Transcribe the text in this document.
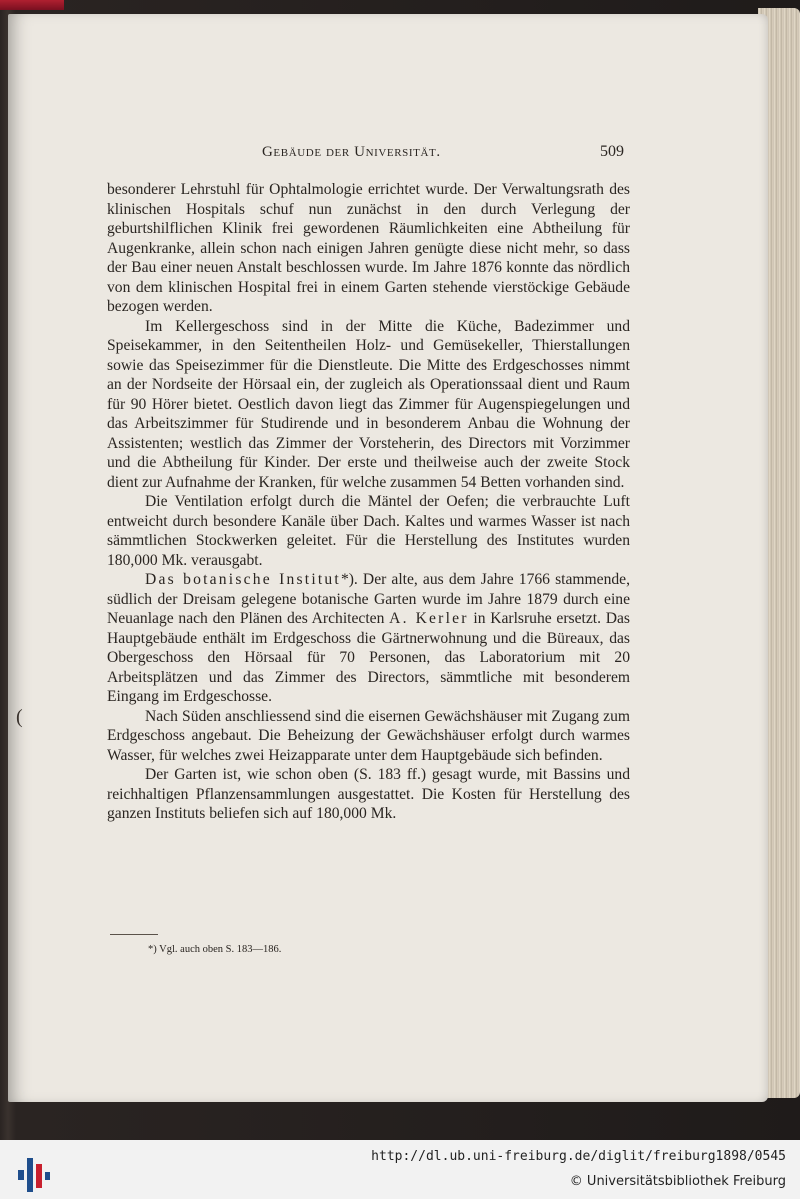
Gebäude der Universität.	509

besonderer Lehrstuhl für Ophtalmologie errichtet wurde. Der Verwaltungsrath des klinischen Hospitals schuf nun zunächst in den durch Verlegung der geburtshilflichen Klinik frei gewordenen Räumlichkeiten eine Abtheilung für Augenkranke, allein schon nach einigen Jahren genügte diese nicht mehr, so dass der Bau einer neuen Anstalt beschlossen wurde. Im Jahre 1876 konnte das nördlich von dem klinischen Hospital frei in einem Garten stehende vierstöckige Gebäude bezogen werden.

Im Kellergeschoss sind in der Mitte die Küche, Badezimmer und Speisekammer, in den Seitentheilen Holz- und Gemüsekeller, Thierstallungen sowie das Speisezimmer für die Dienstleute. Die Mitte des Erdgeschosses nimmt an der Nordseite der Hörsaal ein, der zugleich als Operationssaal dient und Raum für 90 Hörer bietet. Oestlich davon liegt das Zimmer für Augenspiegelungen und das Arbeitszimmer für Studirende und in besonderem Anbau die Wohnung der Assistenten; westlich das Zimmer der Vorsteherin, des Directors mit Vorzimmer und die Abtheilung für Kinder. Der erste und theilweise auch der zweite Stock dient zur Aufnahme der Kranken, für welche zusammen 54 Betten vorhanden sind.

Die Ventilation erfolgt durch die Mäntel der Oefen; die verbrauchte Luft entweicht durch besondere Kanäle über Dach. Kaltes und warmes Wasser ist nach sämmtlichen Stockwerken geleitet. Für die Herstellung des Institutes wurden 180,000 Mk. verausgabt.

Das botanische Institut*). Der alte, aus dem Jahre 1766 stammende, südlich der Dreisam gelegene botanische Garten wurde im Jahre 1879 durch eine Neuanlage nach den Plänen des Architecten A. Kerler in Karlsruhe ersetzt. Das Hauptgebäude enthält im Erdgeschoss die Gärtnerwohnung und die Büreaux, das Obergeschoss den Hörsaal für 70 Personen, das Laboratorium mit 20 Arbeitsplätzen und das Zimmer des Directors, sämmtliche mit besonderem Eingang im Erdgeschosse.

Nach Süden anschliessend sind die eisernen Gewächshäuser mit Zugang zum Erdgeschoss angebaut. Die Beheizung der Gewächshäuser erfolgt durch warmes Wasser, für welches zwei Heizapparate unter dem Hauptgebäude sich befinden.

Der Garten ist, wie schon oben (S. 183 ff.) gesagt wurde, mit Bassins und reichhaltigen Pflanzensammlungen ausgestattet. Die Kosten für Herstellung des ganzen Instituts beliefen sich auf 180,000 Mk.

*) Vgl. auch oben S. 183—186.
(
http://dl.ub.uni-freiburg.de/diglit/freiburg1898/0545
© Universitätsbibliothek Freiburg
